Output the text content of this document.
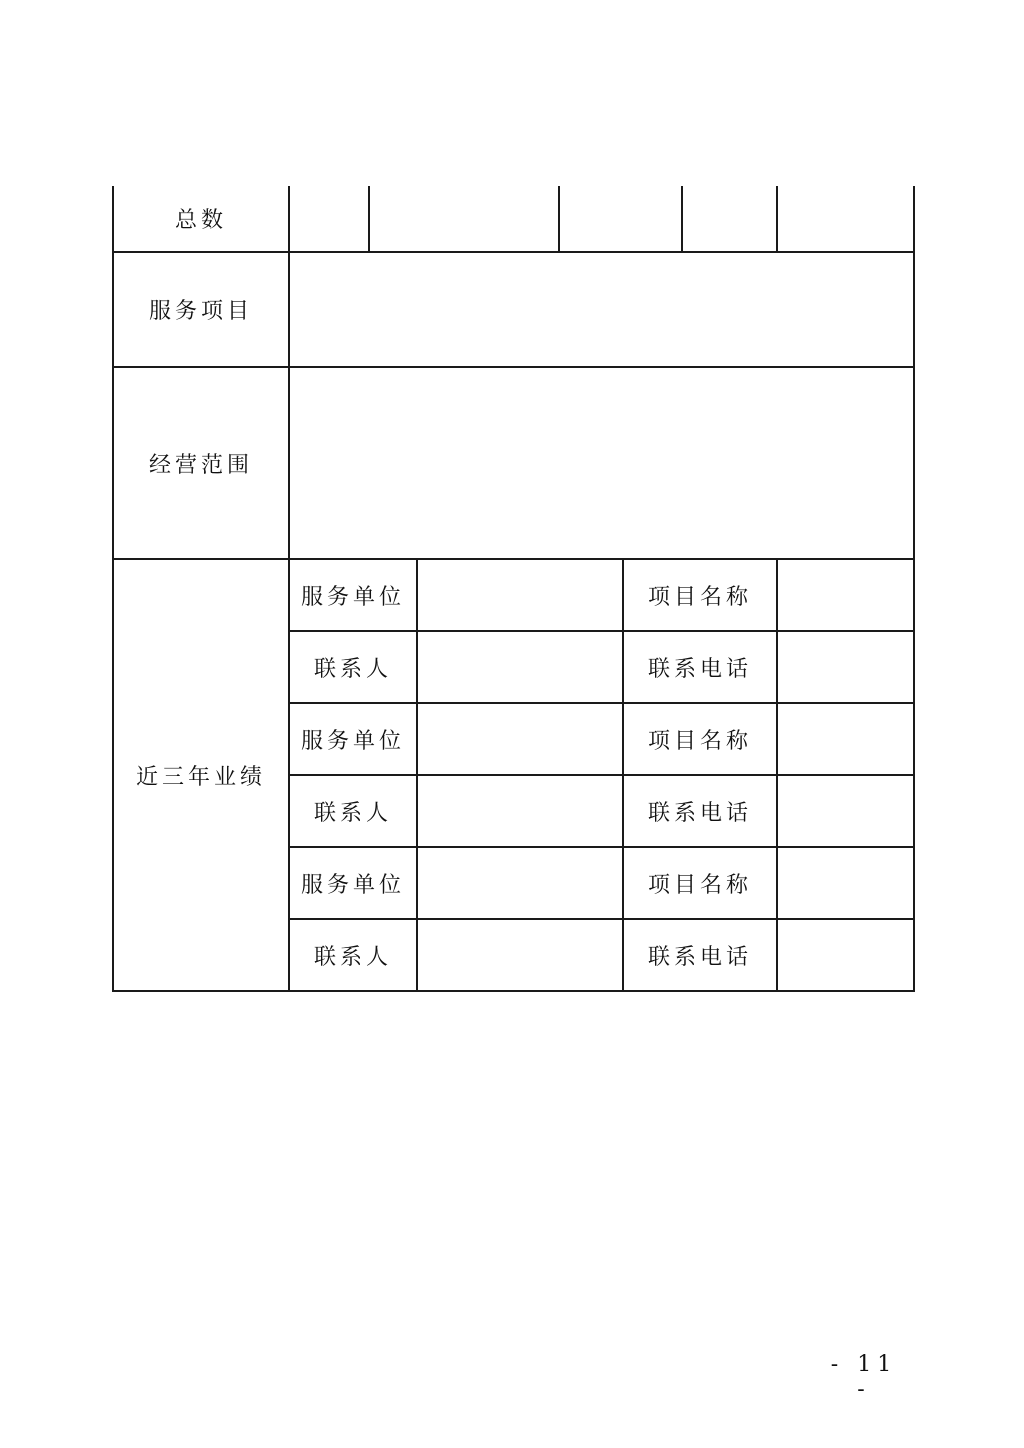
总数							
服务项目							
经营范围							
近三年业绩	服务单位				项目名称		
	联系人				联系电话		
	服务单位				项目名称		
	联系人				联系电话		
	服务单位				项目名称		
	联系人				联系电话		
- 11 -
